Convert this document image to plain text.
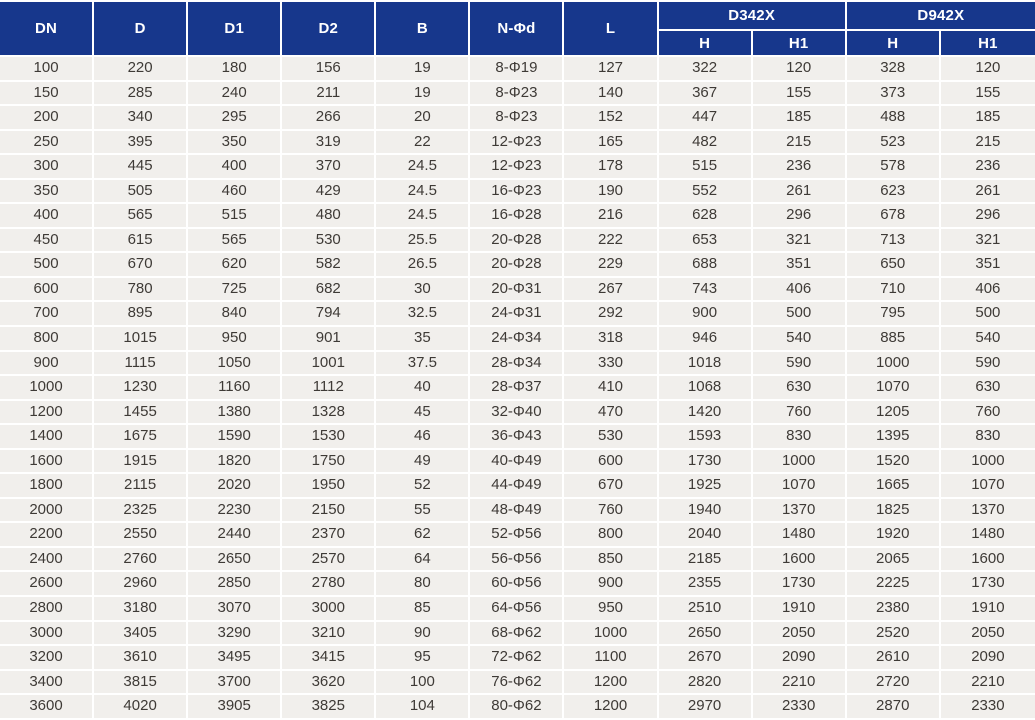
DN	D	D1	D2	B	N-Φd	L	D342X		D942X	
							H	H1	H	H1
100	220	180	156	19	8-Φ19	127	322	120	328	120
150	285	240	211	19	8-Φ23	140	367	155	373	155
200	340	295	266	20	8-Φ23	152	447	185	488	185
250	395	350	319	22	12-Φ23	165	482	215	523	215
300	445	400	370	24.5	12-Φ23	178	515	236	578	236
350	505	460	429	24.5	16-Φ23	190	552	261	623	261
400	565	515	480	24.5	16-Φ28	216	628	296	678	296
450	615	565	530	25.5	20-Φ28	222	653	321	713	321
500	670	620	582	26.5	20-Φ28	229	688	351	650	351
600	780	725	682	30	20-Φ31	267	743	406	710	406
700	895	840	794	32.5	24-Φ31	292	900	500	795	500
800	1015	950	901	35	24-Φ34	318	946	540	885	540
900	1115	1050	1001	37.5	28-Φ34	330	1018	590	1000	590
1000	1230	1160	1112	40	28-Φ37	410	1068	630	1070	630
1200	1455	1380	1328	45	32-Φ40	470	1420	760	1205	760
1400	1675	1590	1530	46	36-Φ43	530	1593	830	1395	830
1600	1915	1820	1750	49	40-Φ49	600	1730	1000	1520	1000
1800	2115	2020	1950	52	44-Φ49	670	1925	1070	1665	1070
2000	2325	2230	2150	55	48-Φ49	760	1940	1370	1825	1370
2200	2550	2440	2370	62	52-Φ56	800	2040	1480	1920	1480
2400	2760	2650	2570	64	56-Φ56	850	2185	1600	2065	1600
2600	2960	2850	2780	80	60-Φ56	900	2355	1730	2225	1730
2800	3180	3070	3000	85	64-Φ56	950	2510	1910	2380	1910
3000	3405	3290	3210	90	68-Φ62	1000	2650	2050	2520	2050
3200	3610	3495	3415	95	72-Φ62	1100	2670	2090	2610	2090
3400	3815	3700	3620	100	76-Φ62	1200	2820	2210	2720	2210
3600	4020	3905	3825	104	80-Φ62	1200	2970	2330	2870	2330
